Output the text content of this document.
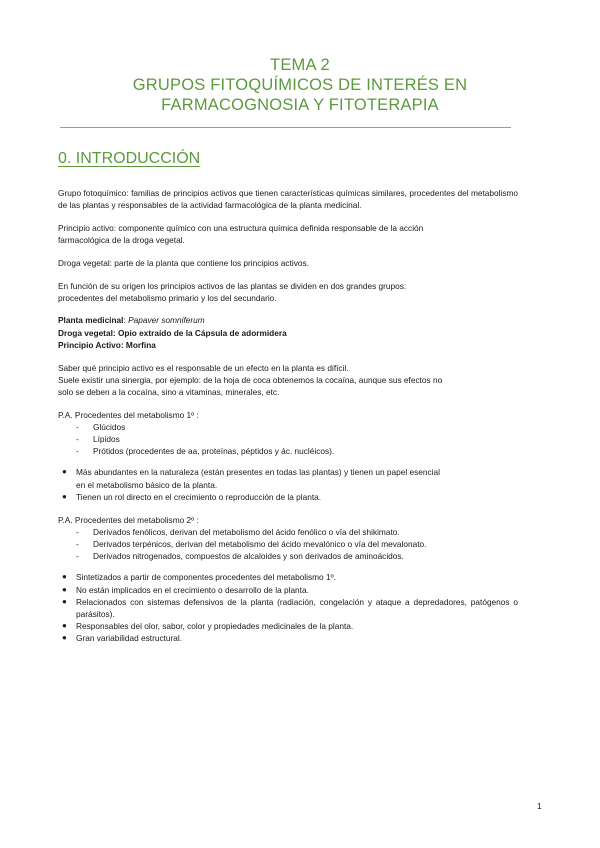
TEMA 2
GRUPOS FITOQUÍMICOS DE INTERÉS EN
FARMACOGNOSIA Y FITOTERAPIA
0. INTRODUCCIÓN

Grupo fotoquímico: familias de principios activos que tienen características químicas similares, procedentes del metabolismo de las plantas y responsables de la actividad farmacológica de la planta medicinal.

Principio activo: componente químico con una estructura química definida responsable de la acción
farmacológica de la droga vegetal.

Droga vegetal: parte de la planta que contiene los principios activos.

En función de su origen los principios activos de las plantas se dividen en dos grandes grupos:
procedentes del metabolismo primario y los del secundario.

Planta medicinal: Papaver somniferum
Droga vegetal: Opio extraído de la Cápsula de adormidera
Principio Activo: Morfina

Saber qué principio activo es el responsable de un efecto en la planta es difícil.
Suele existir una sinergia, por ejemplo: de la hoja de coca obtenemos la cocaína, aunque sus efectos no
solo se deben a la cocaína, sino a vitaminas, minerales, etc.

P.A. Procedentes del metabolismo 1º :
- Glúcidos
- Lípidos
- Prótidos (procedentes de aa, proteínas, péptidos y ác. nucléicos).
● Más abundantes en la naturaleza (están presentes en todas las plantas) y tienen un papel esencial
en el metabolismo básico de la planta.
● Tienen un rol directo en el crecimiento o reproducción de la planta.
P.A. Procedentes del metabolismo 2º :
- Derivados fenólicos, derivan del metabolismo del ácido fenólico o vía del shikimato.
- Derivados terpénicos, derivan del metabolismo del ácido mevalónico o vía del mevalonato.
- Derivados nitrogenados, compuestos de alcaloides y son derivados de aminoácidos.
● Sintetizados a partir de componentes procedentes del metabolismo 1º.
● No están implicados en el crecimiento o desarrollo de la planta.
● Relacionados con sistemas defensivos de la planta (radiación, congelación y ataque a depredadores, patógenos o parásitos).
● Responsables del olor, sabor, color y propiedades medicinales de la planta.
● Gran variabilidad estructural.
1
